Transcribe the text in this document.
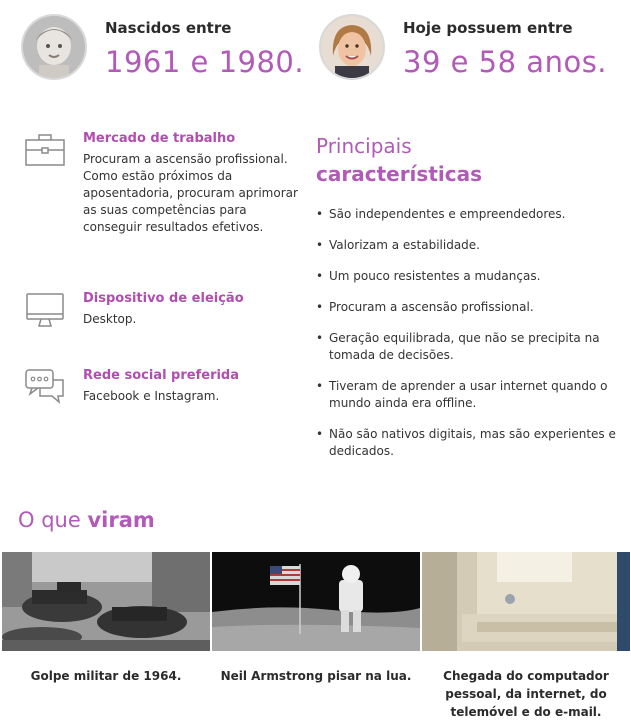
Nascidos entre
1961 e 1980.
Hoje possuem entre
39 e 58 anos.
Mercado de trabalho
Procuram a ascensão profissional. Como estão próximos da aposentadoria, procuram aprimorar as suas competências para conseguir resultados efetivos.
Dispositivo de eleição
Desktop.
Rede social preferida
Facebook e Instagram.
Principais
características
• São independentes e empreendedores.
• Valorizam a estabilidade.
• Um pouco resistentes a mudanças.
• Procuram a ascensão profissional.
• Geração equilibrada, que não se precipita na tomada de decisões.
• Tiveram de aprender a usar internet quando o mundo ainda era offline.
• Não são nativos digitais, mas são experientes e dedicados.
O que viram
Golpe militar de 1964.	Neil Armstrong pisar na lua.	Chegada do computador pessoal, da internet, do telemóvel e do e-mail.
